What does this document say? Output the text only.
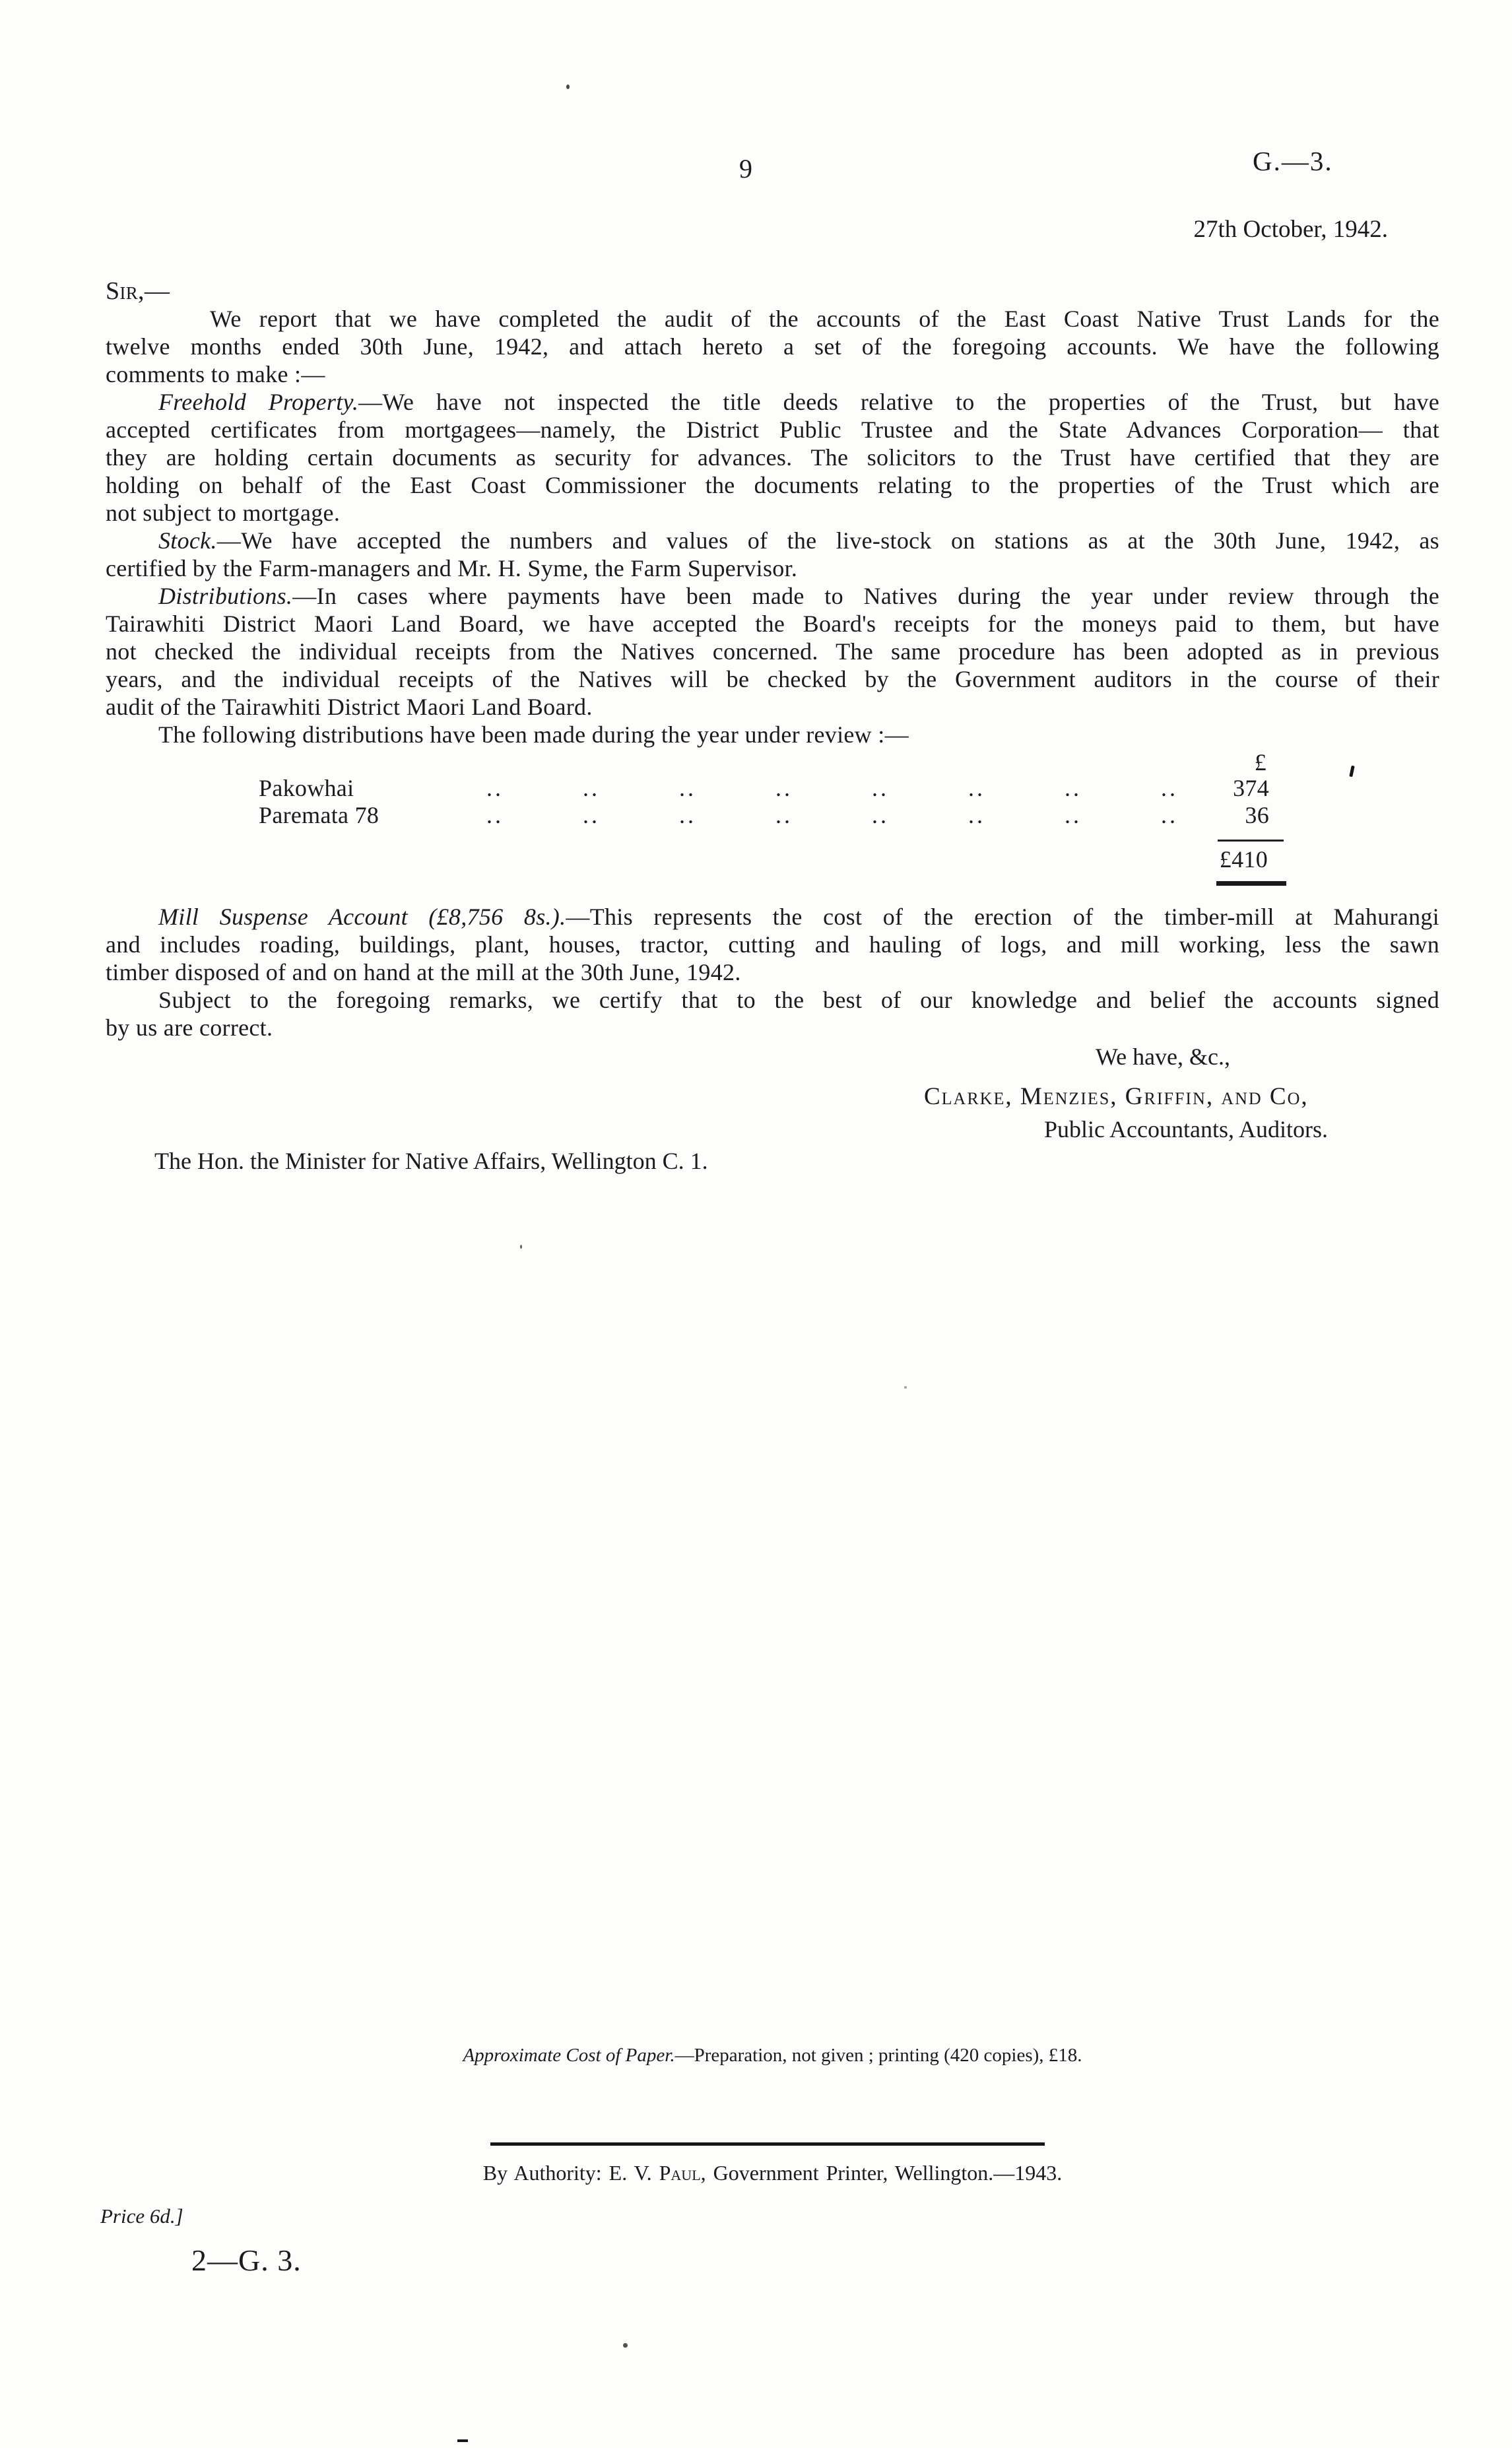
9	G.—3.
27th October, 1942.
Sir,—
We report that we have completed the audit of the accounts of the East Coast Native Trust Lands for the
twelve months ended 30th June, 1942, and attach hereto a set of the foregoing accounts. We have the following
comments to make :—
Freehold Property.—We have not inspected the title deeds relative to the properties of the Trust, but have
accepted certificates from mortgagees—namely, the District Public Trustee and the State Advances Corporation— that
they are holding certain documents as security for advances. The solicitors to the Trust have certified that they are
holding on behalf of the East Coast Commissioner the documents relating to the properties of the Trust which are
not subject to mortgage.
Stock.—We have accepted the numbers and values of the live-stock on stations as at the 30th June, 1942, as
certified by the Farm-managers and Mr. H. Syme, the Farm Supervisor.
Distributions.—In cases where payments have been made to Natives during the year under review through the
Tairawhiti District Maori Land Board, we have accepted the Board's receipts for the moneys paid to them, but have
not checked the individual receipts from the Natives concerned. The same procedure has been adopted as in previous
years, and the individual receipts of the Natives will be checked by the Government auditors in the course of their
audit of the Tairawhiti District Maori Land Board.
The following distributions have been made during the year under review :—
£
Pakowhai	..	..	..	..	..	..	..	..	374
Paremata 78	..	..	..	..	..	..	..	..	36
£410
Mill Suspense Account (£8,756 8s.).—This represents the cost of the erection of the timber-mill at Mahurangi
and includes roading, buildings, plant, houses, tractor, cutting and hauling of logs, and mill working, less the sawn
timber disposed of and on hand at the mill at the 30th June, 1942.
Subject to the foregoing remarks, we certify that to the best of our knowledge and belief the accounts signed
by us are correct.
We have, &c.,
Clarke, Menzies, Griffin, and Co,
Public Accountants, Auditors.
The Hon. the Minister for Native Affairs, Wellington C. 1.
Approximate Cost of Paper.—Preparation, not given ; printing (420 copies), £18.
By Authority: E. V. Paul, Government Printer, Wellington.—1943.
Price 6d.]
2—G. 3.
